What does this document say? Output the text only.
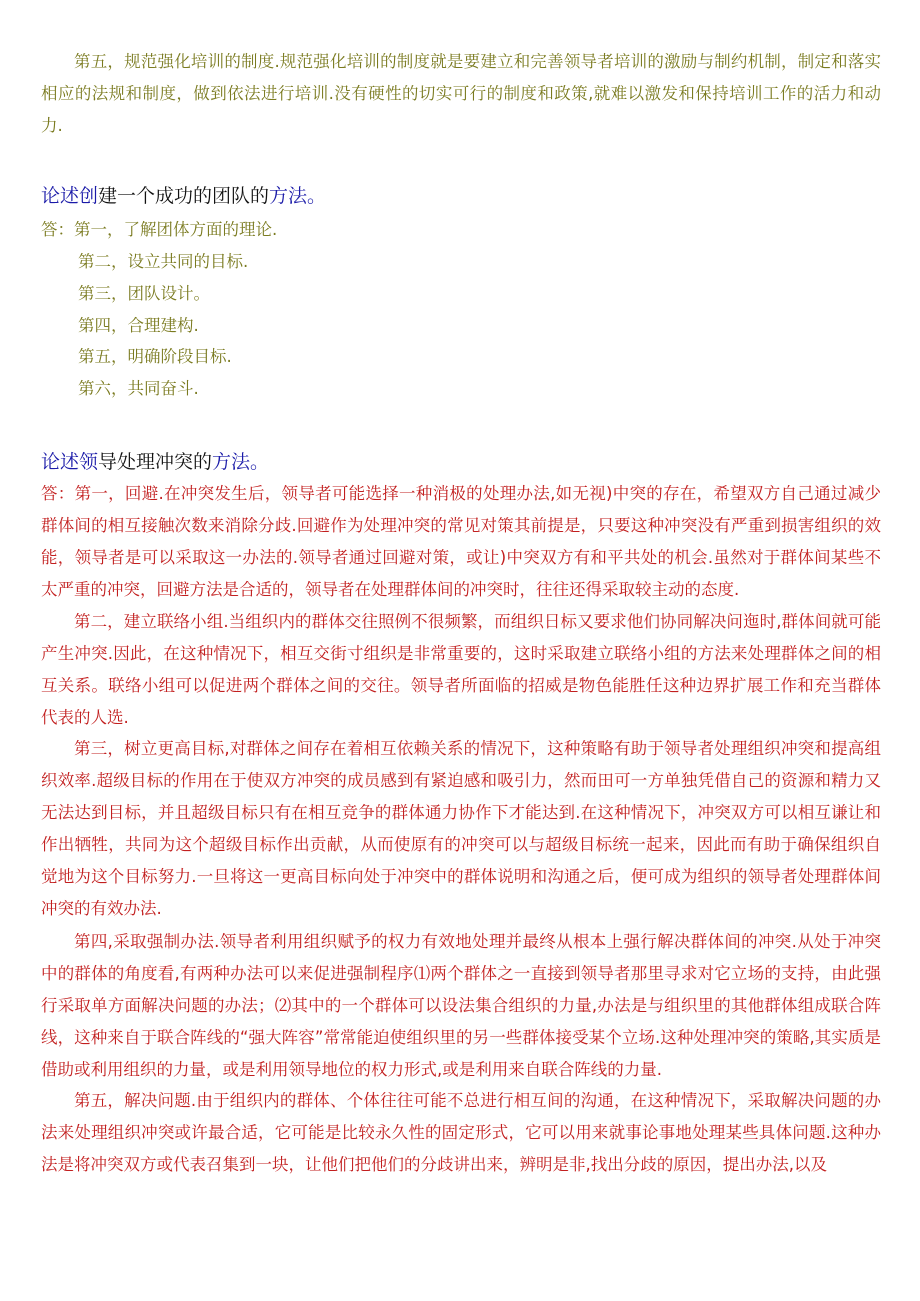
第五，规范强化培训的制度.规范强化培训的制度就是要建立和完善领导者培训的激励与制约机制，制定和落实相应的法规和制度，做到依法进行培训.没有硬性的切实可行的制度和政策,就难以激发和保持培训工作的活力和动力.

论述创建一个成功的团队的方法。

答：第一，了解团体方面的理论.

第二，设立共同的目标.

第三，团队设计。

第四，合理建构.

第五，明确阶段目标.

第六，共同奋斗.

论述领导处理冲突的方法。

答：第一，回避.在冲突发生后，领导者可能选择一种消极的处理办法,如无视)中突的存在，希望双方自己通过减少群体间的相互接触次数来消除分歧.回避作为处理冲突的常见对策其前提是，只要这种冲突没有严重到损害组织的效能，领导者是可以采取这一办法的.领导者通过回避对策，或让)中突双方有和平共处的机会.虽然对于群体间某些不太严重的冲突，回避方法是合适的，领导者在处理群体间的冲突时，往往还得采取较主动的态度.

第二，建立联络小组.当组织内的群体交往照例不很频繁，而组织日标又要求他们协同解决问迤时,群体间就可能产生冲突.因此，在这种情况下，相互交街寸组织是非常重要的，这时采取建立联络小组的方法来处理群体之间的相互关系。联络小组可以促进两个群体之间的交往。领导者所面临的招威是物色能胜任这种边界扩展工作和充当群体代表的人选.

第三，树立更高目标,对群体之间存在着相互依赖关系的情况下，这种策略有助于领导者处理组织冲突和提高组织效率.超级目标的作用在于使双方冲突的成员感到有紧迫感和吸引力，然而田可一方单独凭借自己的资源和精力又无法达到目标，并且超级目标只有在相互竞争的群体通力协作下才能达到.在这种情况下，冲突双方可以相互谦让和作出牺牲，共同为这个超级目标作出贡献，从而使原有的冲突可以与超级目标统一起来，因此而有助于确保组织自觉地为这个目标努力.一旦将这一更高目标向处于冲突中的群体说明和沟通之后，便可成为组织的领导者处理群体间冲突的有效办法.

第四,采取强制办法.领导者利用组织赋予的权力有效地处理并最终从根本上强行解决群体间的冲突.从处于冲突中的群体的角度看,有两种办法可以来促进强制程序⑴两个群体之一直接到领导者那里寻求对它立场的支持，由此强行采取单方面解决问题的办法；⑵其中的一个群体可以设法集合组织的力量,办法是与组织里的其他群体组成联合阵线，这种来自于联合阵线的“强大阵容”常常能迫使组织里的另一些群体接受某个立场.这种处理冲突的策略,其实质是借助或利用组织的力量，或是利用领导地位的权力形式,或是利用来自联合阵线的力量.

第五，解决问题.由于组织内的群体、个体往往可能不总进行相互间的沟通，在这种情况下，采取解决问题的办法来处理组织冲突或许最合适，它可能是比较永久性的固定形式，它可以用来就事论事地处理某些具体问题.这种办法是将冲突双方或代表召集到一块，让他们把他们的分歧讲出来，辨明是非,找出分歧的原因，提出办法,以及
